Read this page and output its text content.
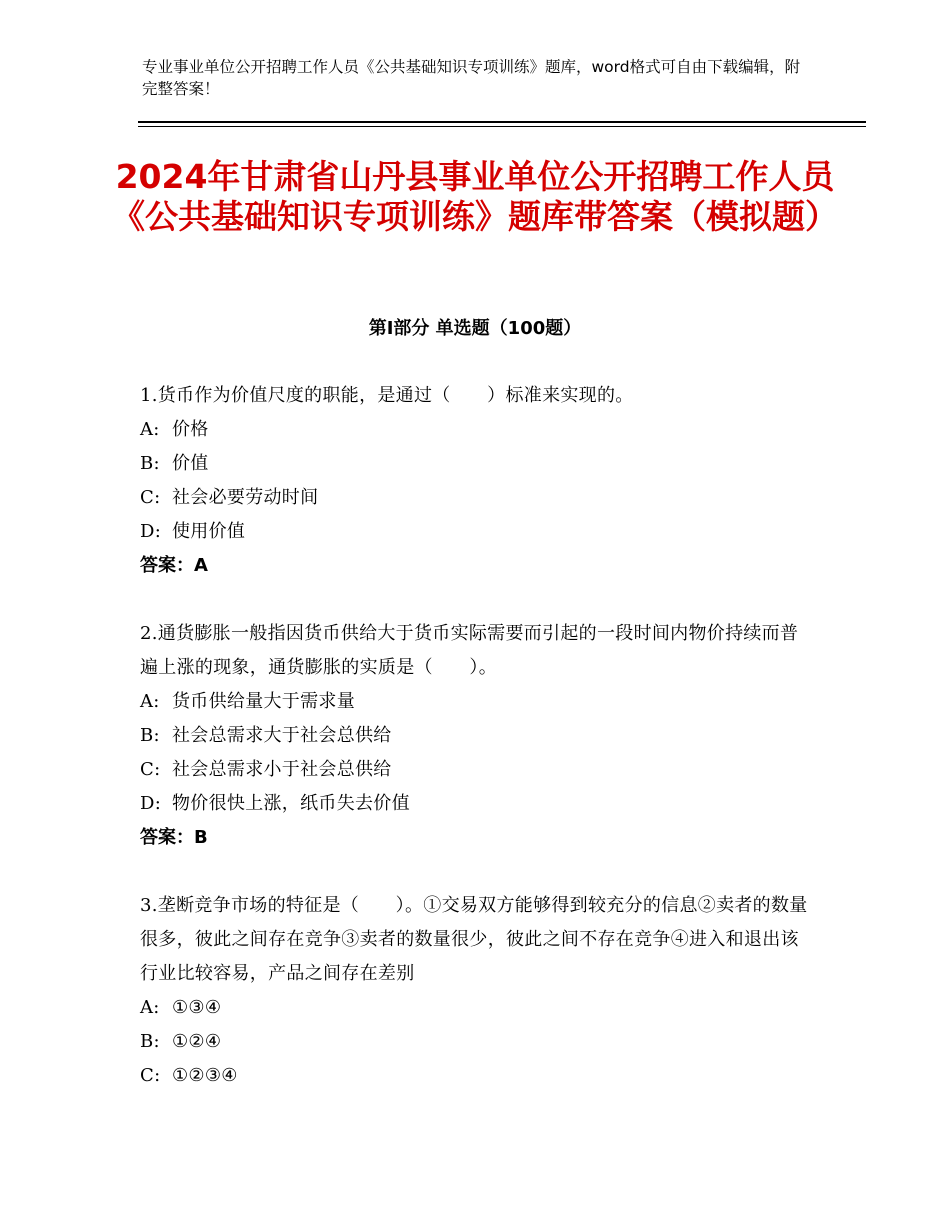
专业事业单位公开招聘工作人员《公共基础知识专项训练》题库，word格式可自由下载编辑，附完整答案！
2024年甘肃省山丹县事业单位公开招聘工作人员《公共基础知识专项训练》题库带答案（模拟题）
第Ⅰ部分 单选题（100题）
1.货币作为价值尺度的职能，是通过（　　）标准来实现的。
A: 价格
B: 价值
C: 社会必要劳动时间
D: 使用价值
答案：A
2.通货膨胀一般指因货币供给大于货币实际需要而引起的一段时间内物价持续而普遍上涨的现象，通货膨胀的实质是（　　）。
A: 货币供给量大于需求量
B: 社会总需求大于社会总供给
C: 社会总需求小于社会总供给
D: 物价很快上涨，纸币失去价值
答案：B
3.垄断竞争市场的特征是（　　）。①交易双方能够得到较充分的信息②卖者的数量很多，彼此之间存在竞争③卖者的数量很少，彼此之间不存在竞争④进入和退出该行业比较容易，产品之间存在差别
A: ①③④
B: ①②④
C: ①②③④
